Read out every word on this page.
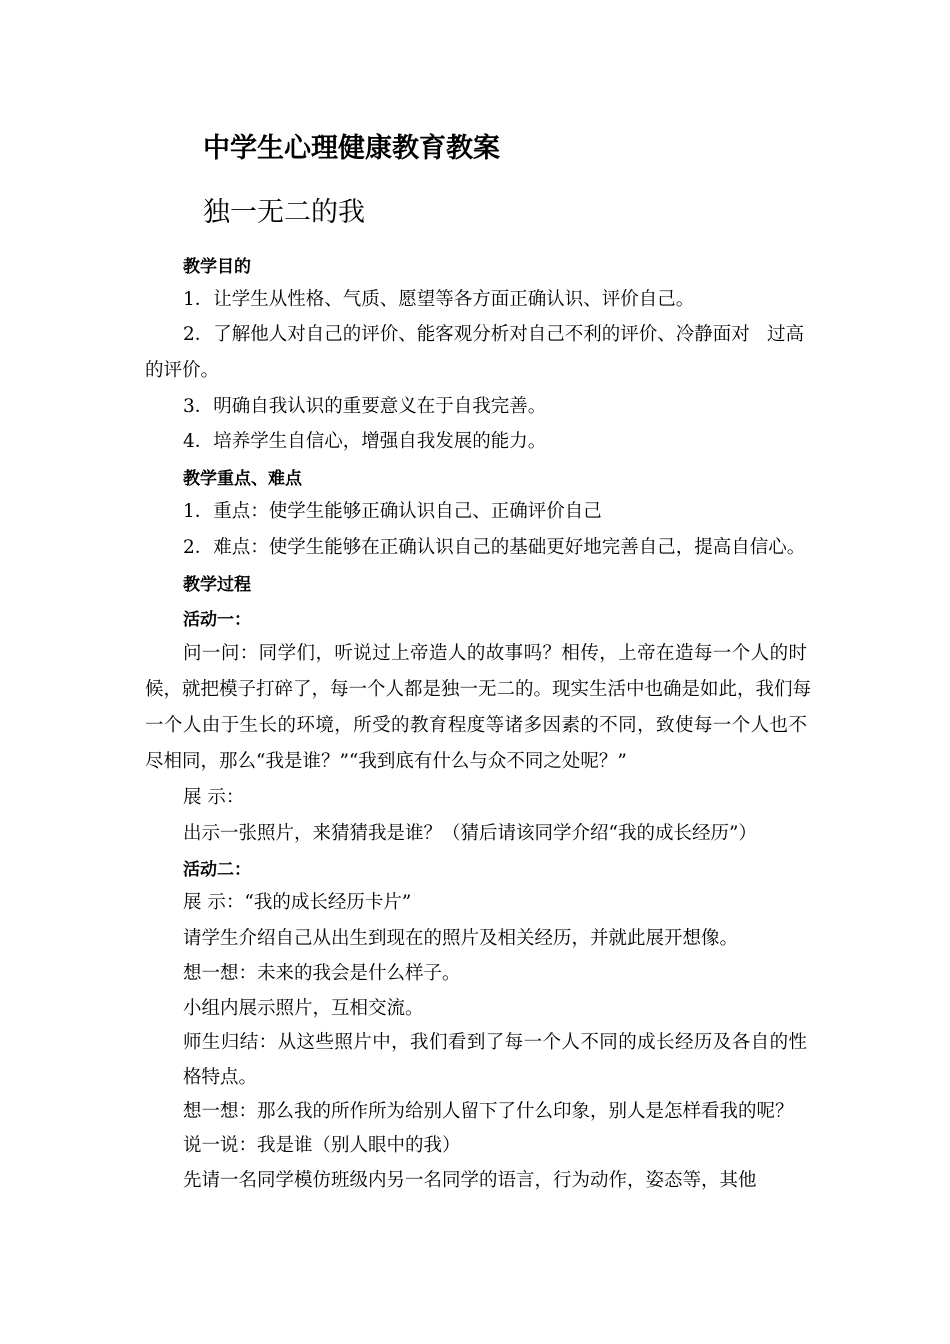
中学生心理健康教育教案
独一无二的我
教学目的
1．让学生从性格、气质、愿望等各方面正确认识、评价自己。
2．了解他人对自己的评价、能客观分析对自己不利的评价、冷静面对 过高
的评价。
3．明确自我认识的重要意义在于自我完善。
4．培养学生自信心，增强自我发展的能力。
教学重点、难点
1．重点：使学生能够正确认识自己、正确评价自己
2．难点：使学生能够在正确认识自己的基础更好地完善自己，提高自信心。
教学过程
活动一：
问一问：同学们，听说过上帝造人的故事吗？相传，上帝在造每一个人的时
候，就把模子打碎了，每一个人都是独一无二的。现实生活中也确是如此，我们每
一个人由于生长的环境，所受的教育程度等诸多因素的不同，致使每一个人也不
尽相同，那么“我是谁？”“我到底有什么与众不同之处呢？”
展 示：
出示一张照片，来猜猜我是谁？（猜后请该同学介绍“我的成长经历”）
活动二：
展 示：“我的成长经历卡片”
请学生介绍自己从出生到现在的照片及相关经历，并就此展开想像。
想一想：未来的我会是什么样子。
小组内展示照片，互相交流。
师生归结：从这些照片中，我们看到了每一个人不同的成长经历及各自的性
格特点。
想一想：那么我的所作所为给别人留下了什么印象，别人是怎样看我的呢？
说一说：我是谁（别人眼中的我）
先请一名同学模仿班级内另一名同学的语言，行为动作，姿态等，其他
